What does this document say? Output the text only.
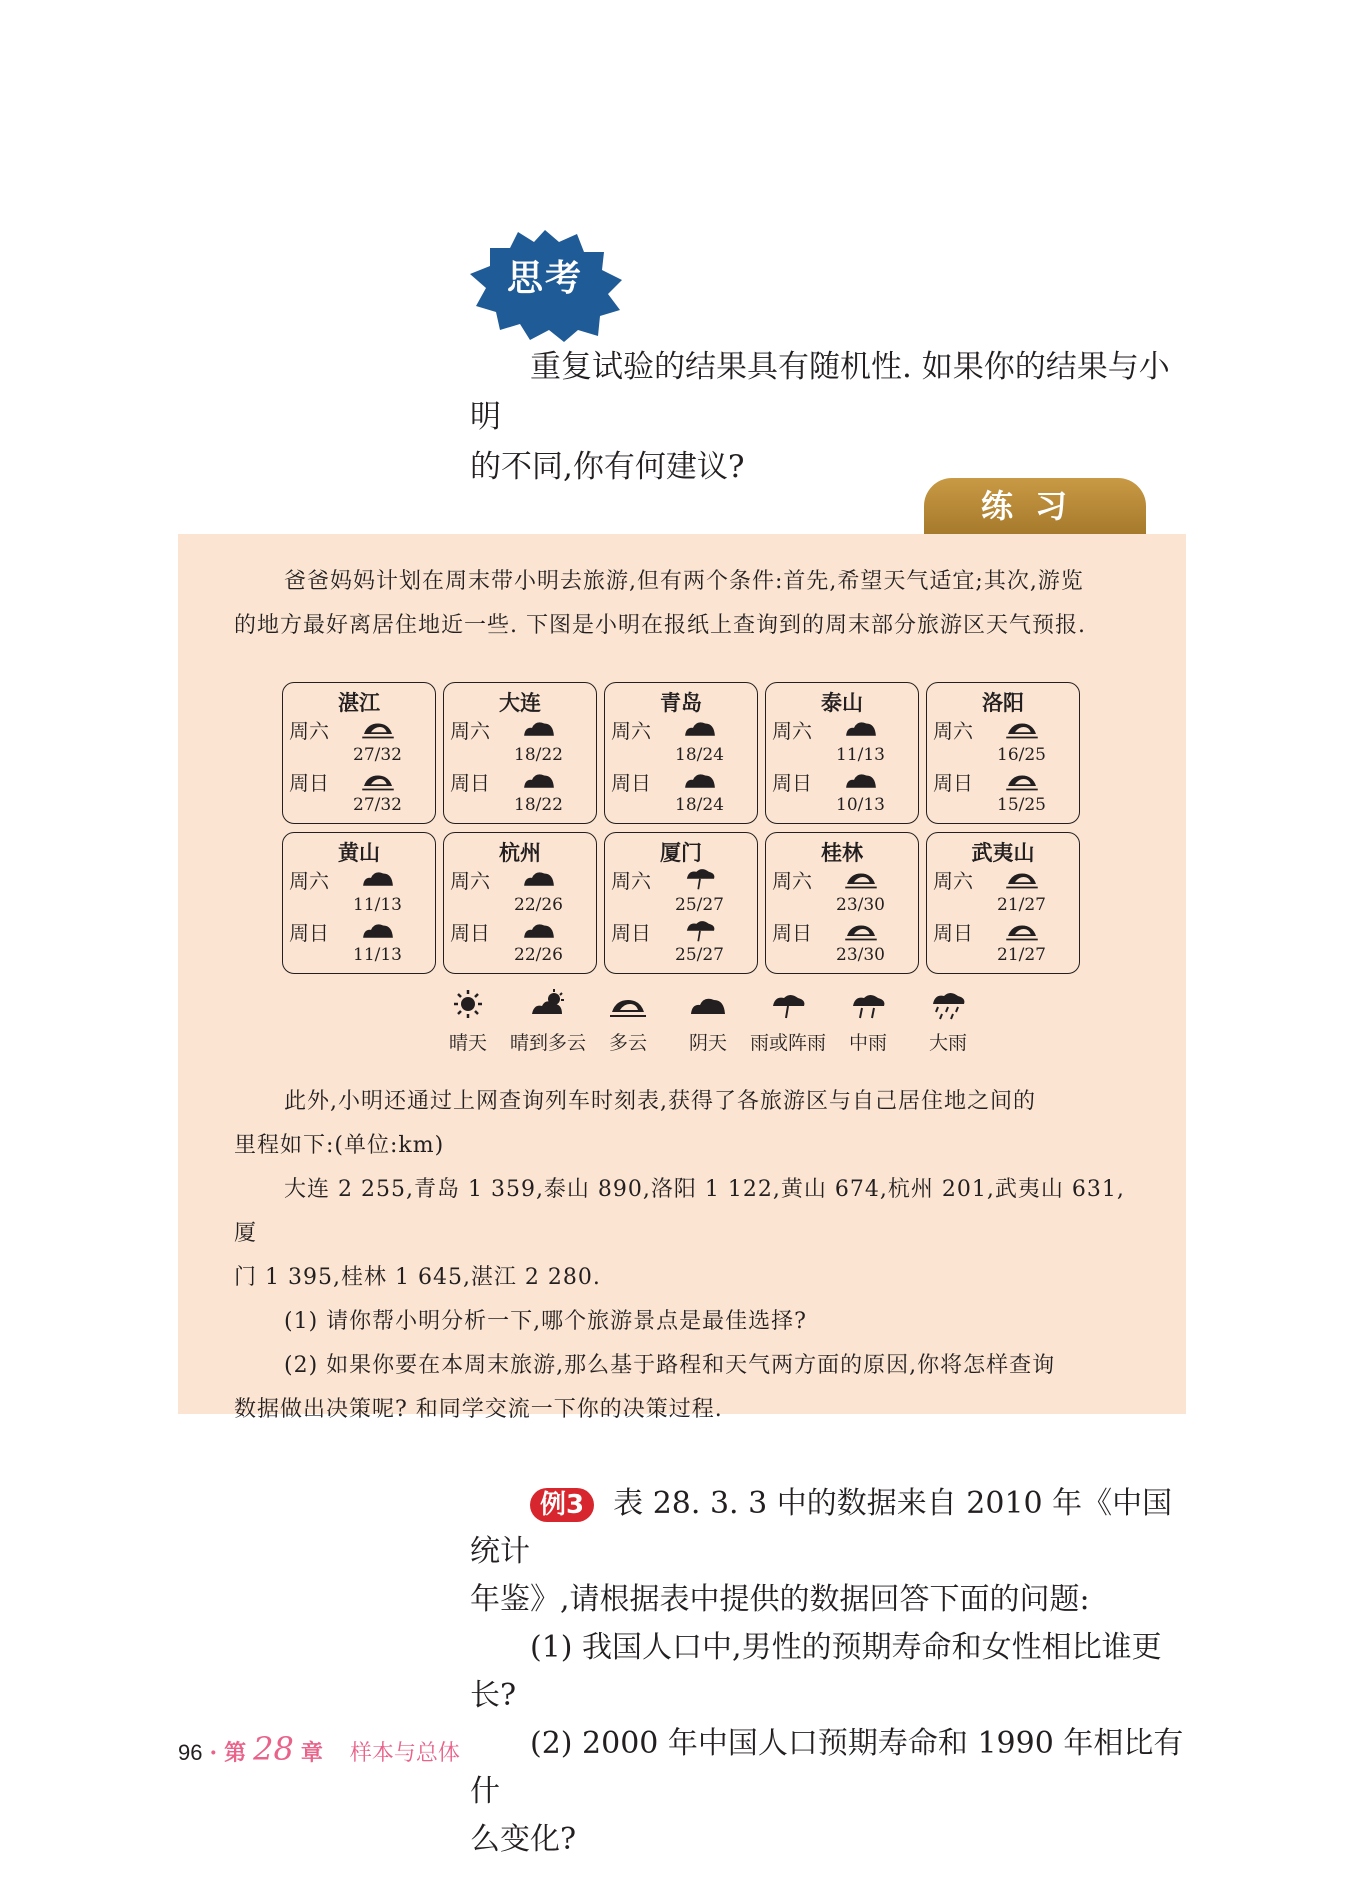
思考

重复试验的结果具有随机性. 如果你的结果与小明

的不同,你有何建议?

练习

爸爸妈妈计划在周末带小明去旅游,但有两个条件:首先,希望天气适宜;其次,游览

的地方最好离居住地近一些. 下图是小明在报纸上查询到的周末部分旅游区天气预报.

湛江
周六
27/32
周日
27/32
大连
周六
18/22
周日
18/22
青岛
周六
18/24
周日
18/24
泰山
周六
11/13
周日
10/13
洛阳
周六
16/25
周日
15/25
黄山
周六
11/13
周日
11/13
杭州
周六
22/26
周日
22/26
厦门
周六
25/27
周日
25/27
桂林
周六
23/30
周日
23/30
武夷山
周六
21/27
周日
21/27
晴天	晴到多云	多云	阴天	雨或阵雨	中雨	大雨

此外,小明还通过上网查询列车时刻表,获得了各旅游区与自己居住地之间的

里程如下:(单位:km)

大连 2 255,青岛 1 359,泰山 890,洛阳 1 122,黄山 674,杭州 201,武夷山 631,厦

门 1 395,桂林 1 645,湛江 2 280.

(1) 请你帮小明分析一下,哪个旅游景点是最佳选择?

(2) 如果你要在本周末旅游,那么基于路程和天气两方面的原因,你将怎样查询

数据做出决策呢? 和同学交流一下你的决策过程.

例3 表 28. 3. 3 中的数据来自 2010 年《中国统计

年鉴》,请根据表中提供的数据回答下面的问题:

(1) 我国人口中,男性的预期寿命和女性相比谁更长?

(2) 2000 年中国人口预期寿命和 1990 年相比有什

么变化?

96 · 第 28 章 样本与总体
